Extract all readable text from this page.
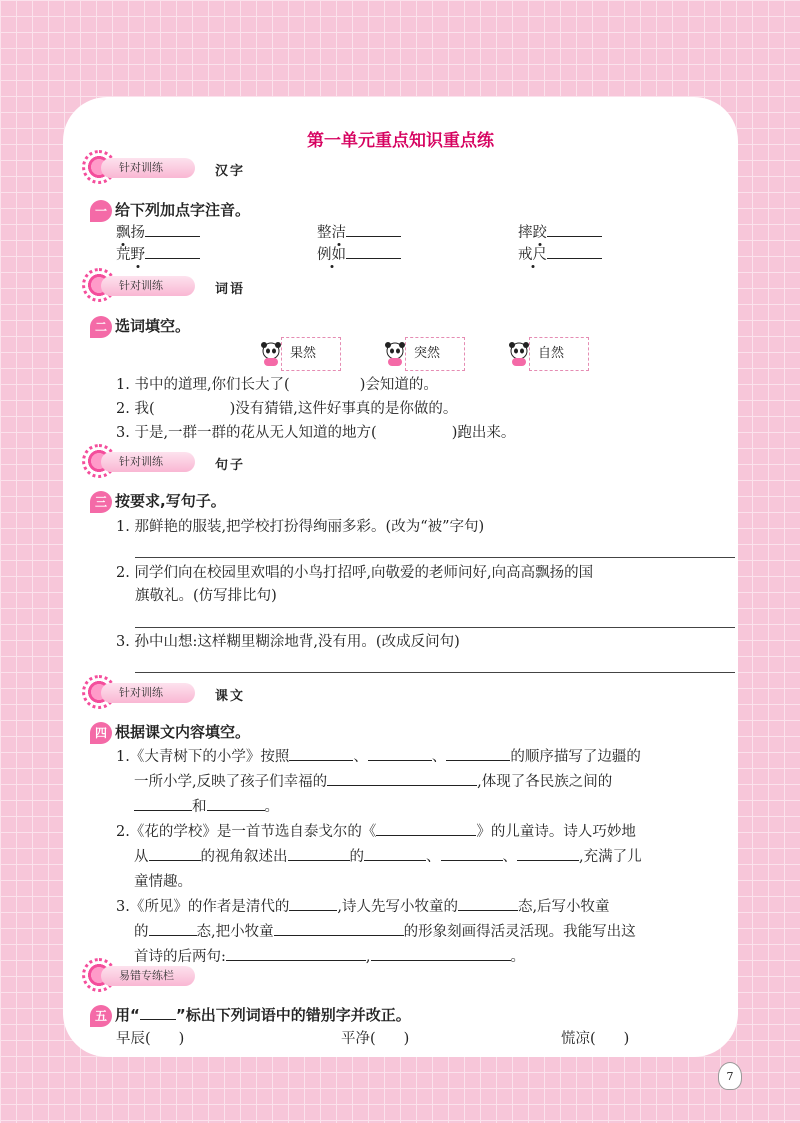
第一单元重点知识重点练
针对训练	汉字
一 给下列加点字注音。
飘扬	整洁	摔跤
荒野	例如	戒尺
针对训练	词语
二 选词填空。
果然	突然	自然
1. 书中的道理,你们长大了(	)会知道的。
2. 我(	)没有猜错,这件好事真的是你做的。
3. 于是,一群一群的花从无人知道的地方(	)跑出来。
针对训练	句子
三 按要求,写句子。
1. 那鲜艳的服装,把学校打扮得绚丽多彩。(改为“被”字句)
2. 同学们向在校园里欢唱的小鸟打招呼,向敬爱的老师问好,向高高飘扬的国
旗敬礼。(仿写排比句)
3. 孙中山想:这样糊里糊涂地背,没有用。(改成反问句)
针对训练	课文
四 根据课文内容填空。
1.《大青树下的小学》按照	、	、	的顺序描写了边疆的
一所小学,反映了孩子们幸福的	,体现了各民族之间的
和	。
2.《花的学校》是一首节选自泰戈尔的《	》的儿童诗。诗人巧妙地
从	的视角叙述出	的	、	、	,充满了儿
童情趣。
3.《所见》的作者是清代的	,诗人先写小牧童的	态,后写小牧童
的	态,把小牧童	的形象刻画得活灵活现。我能写出这
首诗的后两句:	,	。
易错专练栏
五 用“ ”标出下列词语中的错别字并改正。
早辰( )	平净( )	慌凉( )
7
